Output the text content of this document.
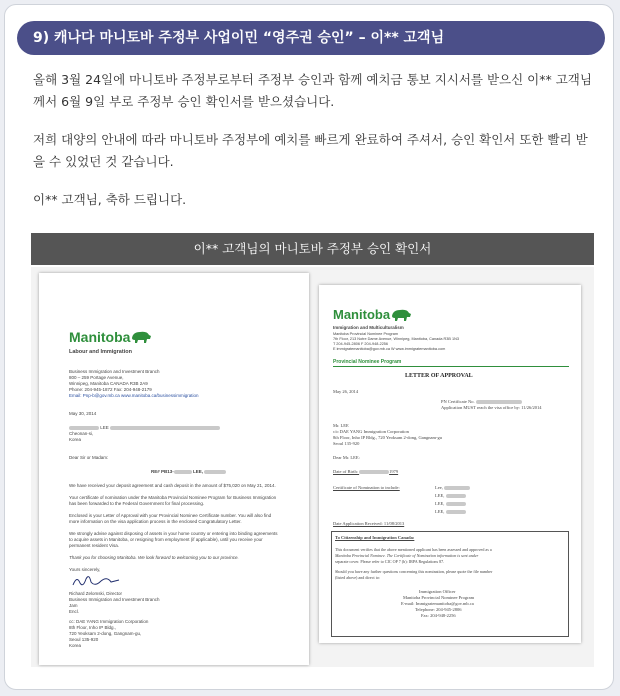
9) 캐나다 마니토바 주정부 사업이민 “영주권 승인” – 이** 고객님

올해 3월 24일에 마니토바 주정부로부터 주정부 승인과 함께 예치금 통보 지시서를 받으신 이** 고객님께서 6월 9일 부로 주정부 승인 확인서를 받으셨습니다.

저희 대양의 안내에 따라 마니토바 주정부에 예치를 빠르게 완료하여 주셔서, 승인 확인서 또한 빨리 받을 수 있었던 것 같습니다.

이** 고객님, 축하 드립니다.

이** 고객님의 마니토바 주정부 승인 확인서
Manitoba

Labour and Immigration

Business Immigration and Investment Branch

800 – 259 Portage Avenue,

Winnipeg, Manitoba CANADA R3B 2A9

Phone: 204-945-1872 Fax: 204-948-2179

Email: Pnp-b@gov.mb.ca www.manitoba.ca/businessimmigration

May 30, 2014

LEE

Cheonan-si,

Korea

Dear Sir or Madam:

RE# PB13-	LEE,

We have received your deposit agreement and cash deposit in the amount of $75,020 on May 21, 2014.

Your certificate of nomination under the Manitoba Provincial Nominee Program for Business Immigration

has been forwarded to the Federal Government for final processing.

Enclosed is your Letter of Approval with your Provincial Nominee Certificate number. You will also find

more information on the visa application process in the enclosed Congratulatory Letter.

We strongly advise against disposing of assets in your home country or entering into binding agreements

to acquire assets in Manitoba, or resigning from employment (if applicable), until you receive your

permanent resident Visa.

Thank you for choosing Manitoba. We look forward to welcoming you to our province.

Yours sincerely,

Richard Zelomski, Director

Business Immigration and Investment Branch

Jam

Encl.

cc: DAE YANG Immigration Corporation

8th Floor, Inho IP Bldg.,

720 Yeoksam 2-dong, Gangnam-gu,

Seoul 135-920

Korea

Manitoba

Immigration and Multiculturalism

Manitoba Provincial Nominee Program

7th Floor, 213 Notre Dame Avenue, Winnipeg, Manitoba, Canada R3B 1N3

T 204-945-2806 F 204-948-2256

E immigratemanitoba@gov.mb.ca W www.immigratemanitoba.com

Provincial Nominee Program

LETTER OF APPROVAL

May 26, 2014

PN Certificate No.

Application MUST reach the visa office by: 11/26/2014

Mr. LEE

c/o DAE YANG Immigration Corporation

8th Floor, Inho IP Bldg., 720 Yeoksam 2-dong, Gangnam-gu

Seoul 135-920

Dear Mr. LEE:

Date of Birth:	1979

Certificate of Nomination to include:	Lee,

LEE,

LEE,

LEE,

Date Application Received: 11/08/2013

To Citizenship and Immigration Canada:

This document verifies that the above mentioned applicant has been assessed and approved as a

Manitoba Provincial Nominee. The Certificate of Nomination information is sent under

separate cover. Please refer to CIC OP 7 (b): IRPA Regulations 87.

Should you have any further questions concerning this nomination, please quote the file number

(listed above) and direct to:

Immigration Officer

Manitoba Provincial Nominee Program

E-mail: Immigratemanitoba@gov.mb.ca

Telephone: 204-945-2806

Fax: 204-948-2256
